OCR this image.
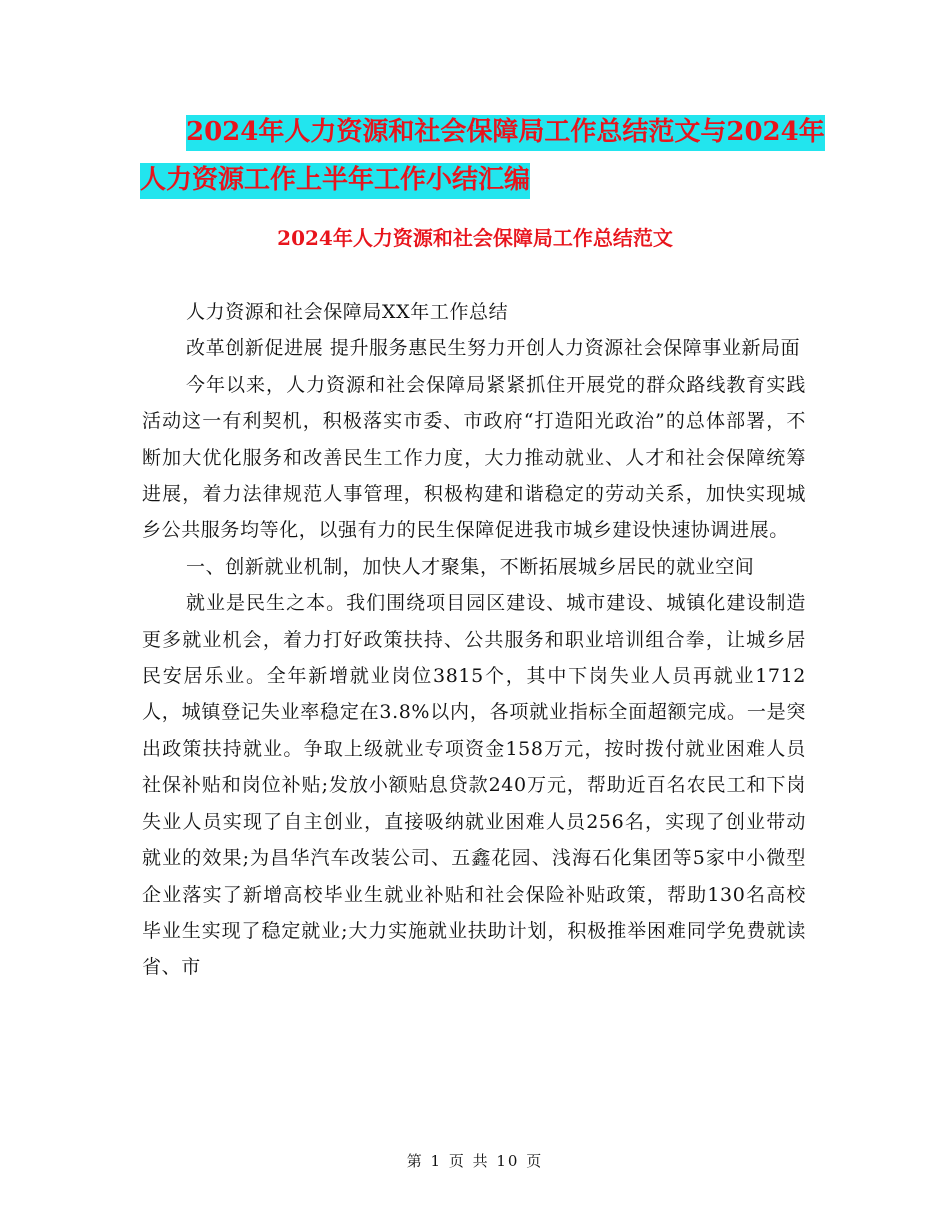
2024年人力资源和社会保障局工作总结范文与2024年
人力资源工作上半年工作小结汇编
2024年人力资源和社会保障局工作总结范文

人力资源和社会保障局XX年工作总结

改革创新促进展 提升服务惠民生努力开创人力资源社会保障事业新局面

今年以来，人力资源和社会保障局紧紧抓住开展党的群众路线教育实践活动这一有利契机，积极落实市委、市政府“打造阳光政治”的总体部署，不断加大优化服务和改善民生工作力度，大力推动就业、人才和社会保障统筹进展，着力法律规范人事管理，积极构建和谐稳定的劳动关系，加快实现城乡公共服务均等化，以强有力的民生保障促进我市城乡建设快速协调进展。

一、创新就业机制，加快人才聚集，不断拓展城乡居民的就业空间

就业是民生之本。我们围绕项目园区建设、城市建设、城镇化建设制造更多就业机会，着力打好政策扶持、公共服务和职业培训组合拳，让城乡居民安居乐业。全年新增就业岗位3815个，其中下岗失业人员再就业1712人，城镇登记失业率稳定在3.8%以内，各项就业指标全面超额完成。一是突出政策扶持就业。争取上级就业专项资金158万元，按时拨付就业困难人员社保补贴和岗位补贴;发放小额贴息贷款240万元，帮助近百名农民工和下岗失业人员实现了自主创业，直接吸纳就业困难人员256名，实现了创业带动就业的效果;为昌华汽车改装公司、五鑫花园、浅海石化集团等5家中小微型企业落实了新增高校毕业生就业补贴和社会保险补贴政策，帮助130名高校毕业生实现了稳定就业;大力实施就业扶助计划，积极推举困难同学免费就读省、市

第 1 页 共 10 页
